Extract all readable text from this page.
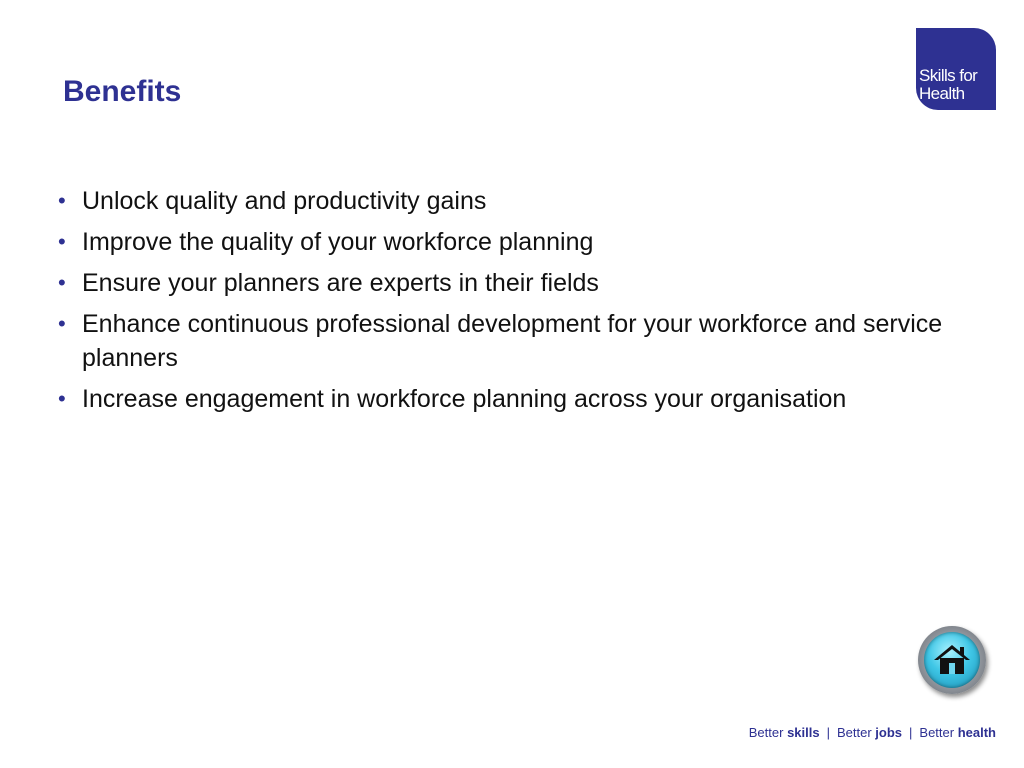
Benefits	Skills for
Health
• Unlock quality and productivity gains
• Improve the quality of your workforce planning
• Ensure your planners are experts in their fields
• Enhance continuous professional development for your workforce and service planners
• Increase engagement in workforce planning across your organisation
Better skills | Better jobs | Better health
